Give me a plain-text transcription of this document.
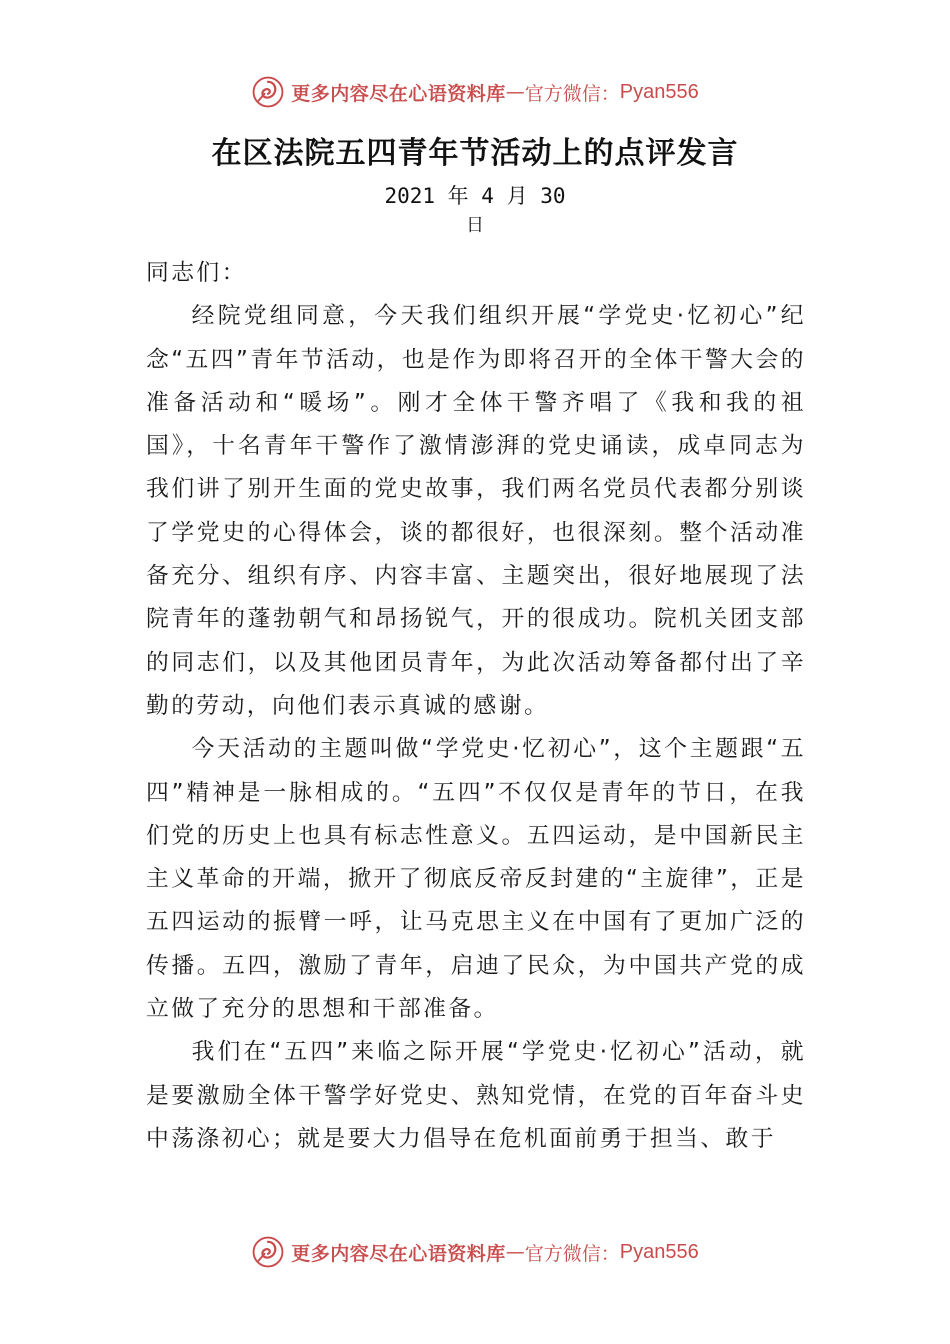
更多内容尽在心语资料库 — 官方微信： Pyan556
在区法院五四青年节活动上的点评发言
2021 年 4 月 30
日

同志们：

经院党组同意，今天我们组织开展“学党史·忆初心”纪念“五四”青年节活动，也是作为即将召开的全体干警大会的准备活动和“暖场”。刚才全体干警齐唱了《我和我的祖国》，十名青年干警作了激情澎湃的党史诵读，成卓同志为我们讲了别开生面的党史故事，我们两名党员代表都分别谈了学党史的心得体会，谈的都很好，也很深刻。整个活动准备充分、组织有序、内容丰富、主题突出，很好地展现了法院青年的蓬勃朝气和昂扬锐气，开的很成功。院机关团支部的同志们，以及其他团员青年，为此次活动筹备都付出了辛勤的劳动，向他们表示真诚的感谢。

今天活动的主题叫做“学党史·忆初心”，这个主题跟“五四”精神是一脉相成的。“五四”不仅仅是青年的节日，在我们党的历史上也具有标志性意义。五四运动，是中国新民主主义革命的开端，掀开了彻底反帝反封建的“主旋律”，正是五四运动的振臂一呼，让马克思主义在中国有了更加广泛的传播。五四，激励了青年，启迪了民众，为中国共产党的成立做了充分的思想和干部准备。

我们在“五四”来临之际开展“学党史·忆初心”活动，就是要激励全体干警学好党史、熟知党情，在党的百年奋斗史中荡涤初心；就是要大力倡导在危机面前勇于担当、敢于

更多内容尽在心语资料库 — 官方微信： Pyan556
